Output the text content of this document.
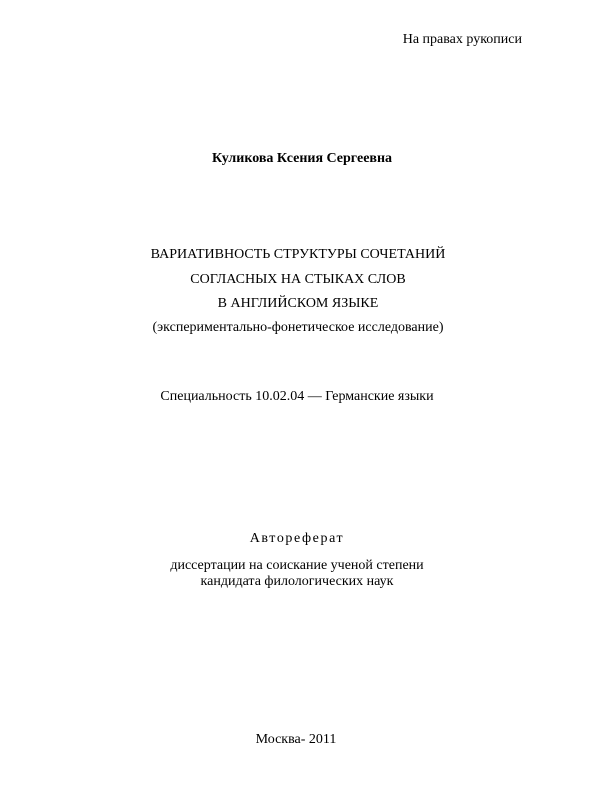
На правах рукописи
Куликова Ксения Сергеевна
ВАРИАТИВНОСТЬ СТРУКТУРЫ СОЧЕТАНИЙ
СОГЛАСНЫХ НА СТЫКАХ СЛОВ
В АНГЛИЙСКОМ ЯЗЫКЕ
(экспериментально-фонетическое исследование)
Специальность 10.02.04 — Германские языки
Автореферат
диссертации на соискание ученой степени
кандидата филологических наук
Москва- 2011
